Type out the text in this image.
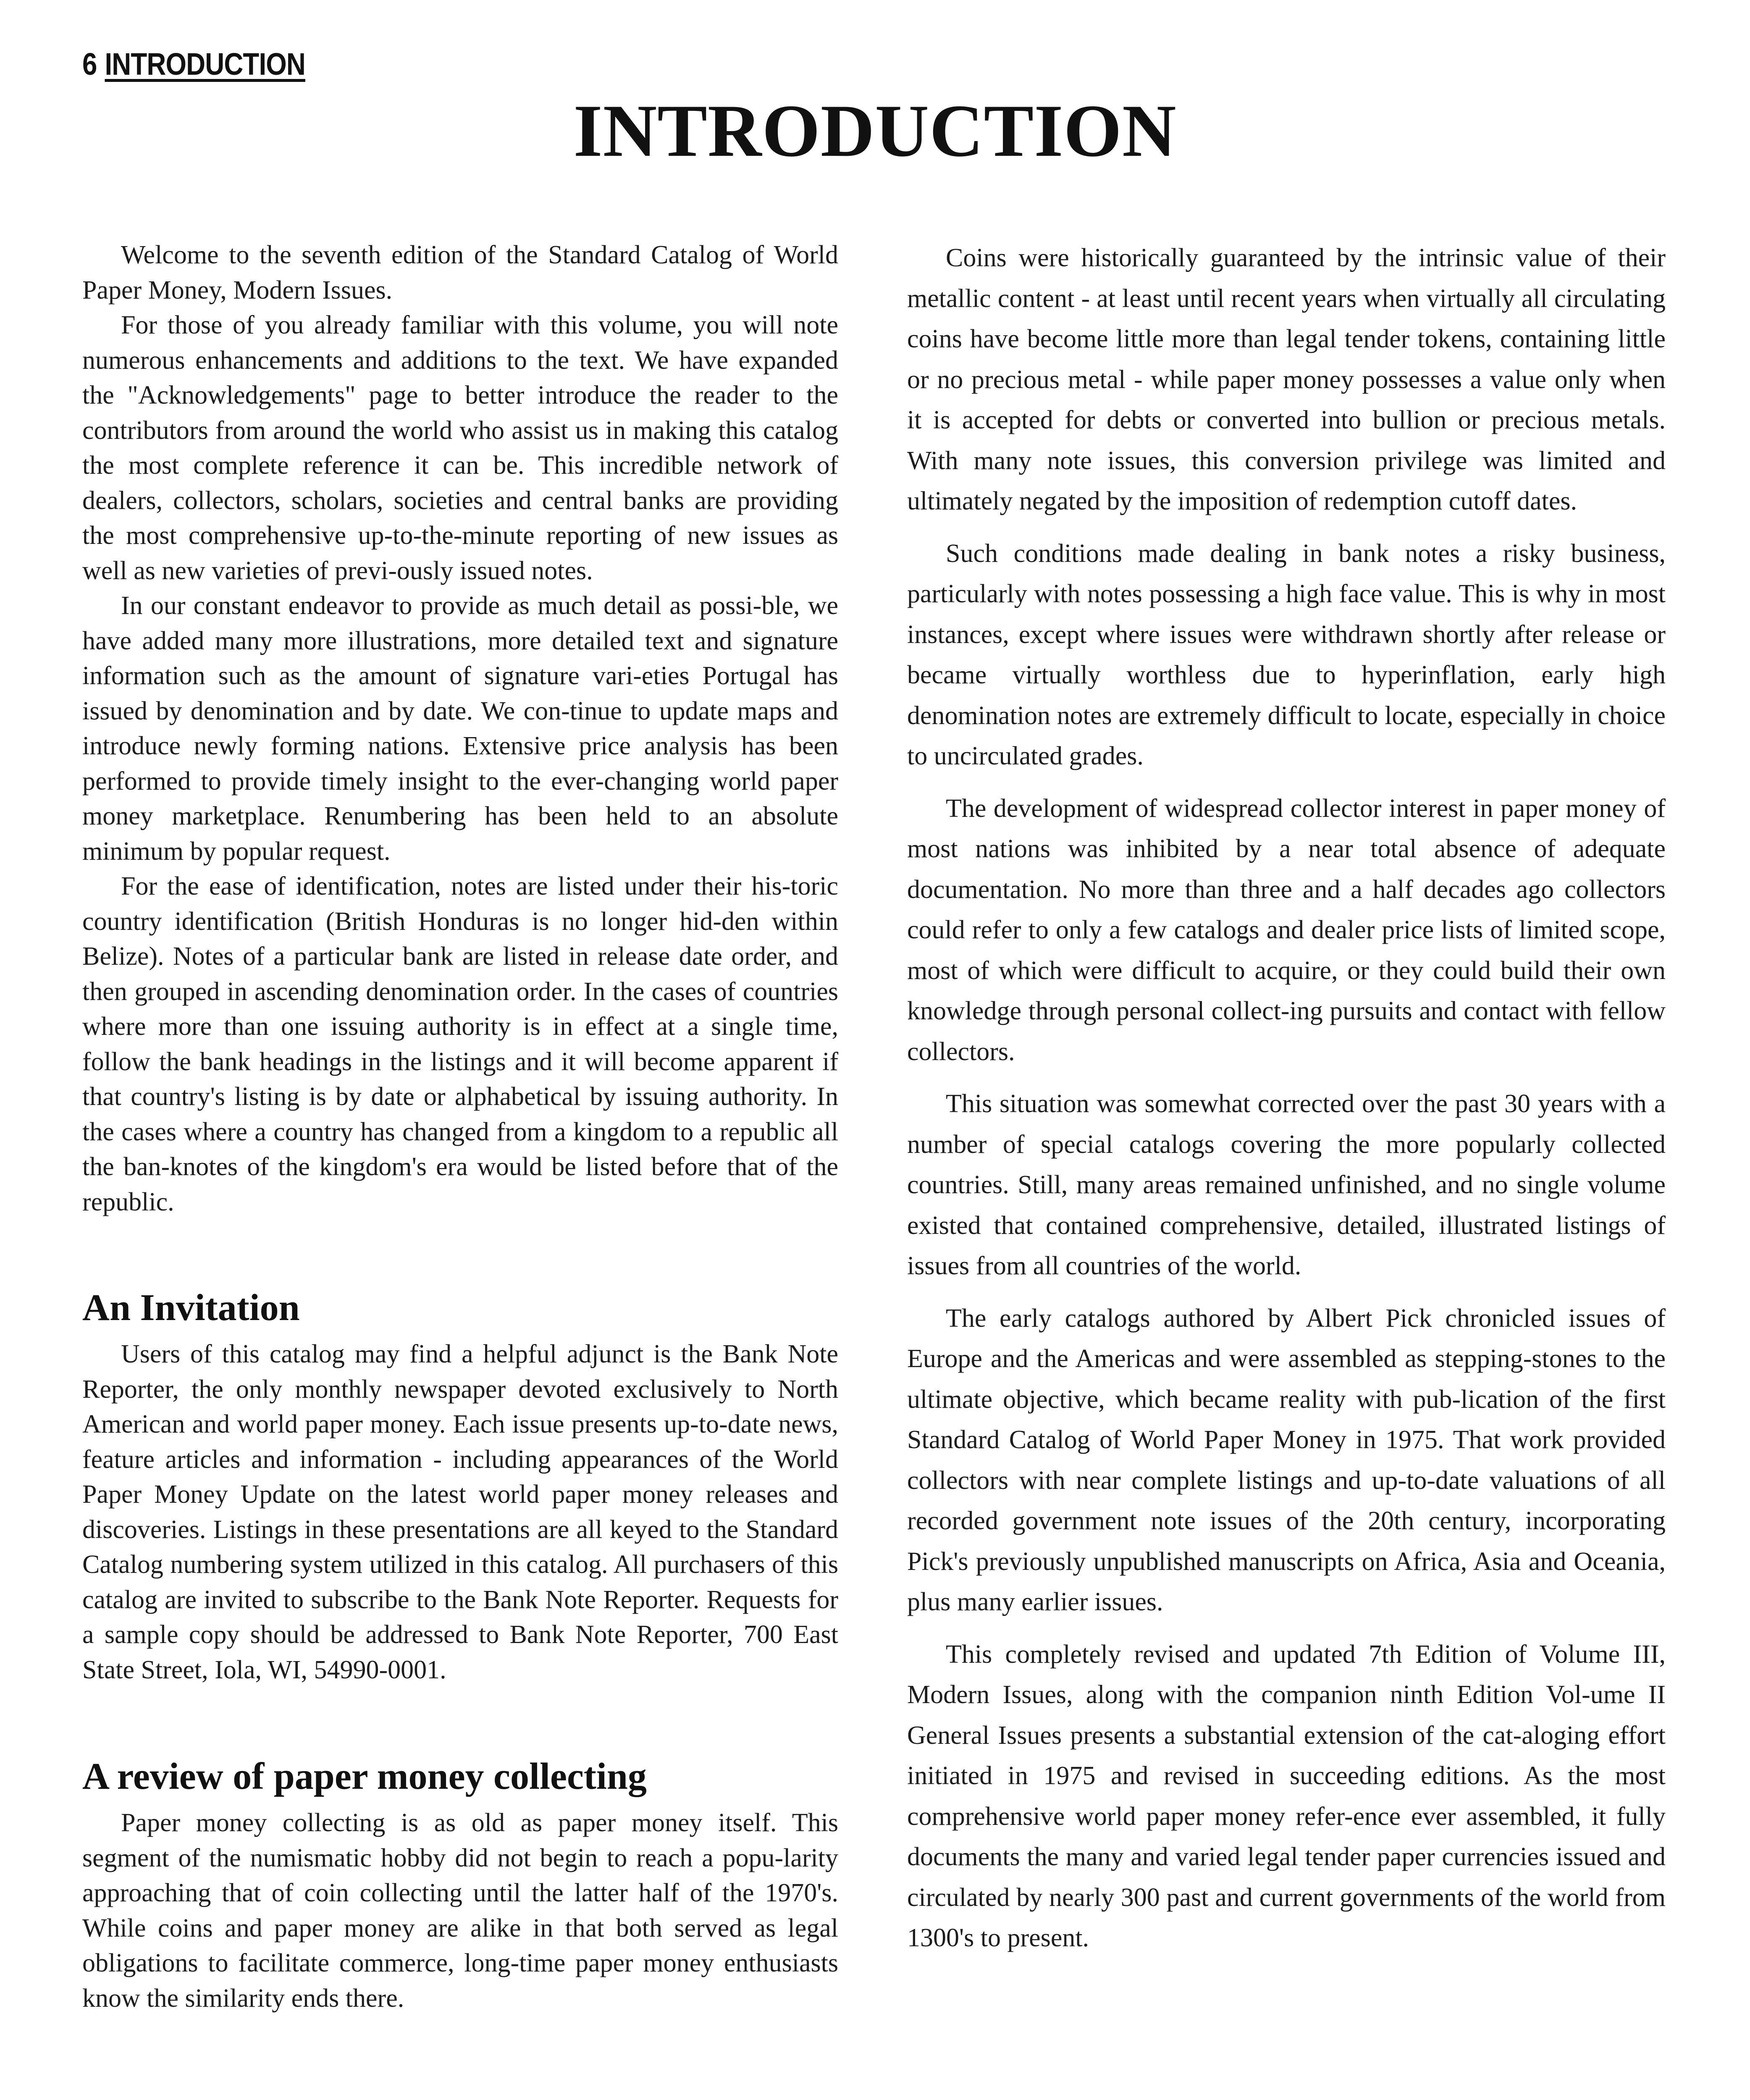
6 INTRODUCTION
INTRODUCTION

Welcome to the seventh edition of the Standard Catalog of World Paper Money, Modern Issues.

For those of you already familiar with this volume, you will note numerous enhancements and additions to the text. We have expanded the "Acknowledgements" page to better introduce the reader to the contributors from around the world who assist us in making this catalog the most complete reference it can be. This incredible network of dealers, collectors, scholars, societies and central banks are providing the most comprehensive up-to-the-minute reporting of new issues as well as new varieties of previ-ously issued notes.

In our constant endeavor to provide as much detail as possi-ble, we have added many more illustrations, more detailed text and signature information such as the amount of signature vari-eties Portugal has issued by denomination and by date. We con-tinue to update maps and introduce newly forming nations. Extensive price analysis has been performed to provide timely insight to the ever-changing world paper money marketplace. Renumbering has been held to an absolute minimum by popular request.

For the ease of identification, notes are listed under their his-toric country identification (British Honduras is no longer hid-den within Belize). Notes of a particular bank are listed in release date order, and then grouped in ascending denomination order. In the cases of countries where more than one issuing authority is in effect at a single time, follow the bank headings in the listings and it will become apparent if that country's listing is by date or alphabetical by issuing authority. In the cases where a country has changed from a kingdom to a republic all the ban-knotes of the kingdom's era would be listed before that of the republic.

An Invitation

Users of this catalog may find a helpful adjunct is the Bank Note Reporter, the only monthly newspaper devoted exclusively to North American and world paper money. Each issue presents up-to-date news, feature articles and information - including appearances of the World Paper Money Update on the latest world paper money releases and discoveries. Listings in these presentations are all keyed to the Standard Catalog numbering system utilized in this catalog. All purchasers of this catalog are invited to subscribe to the Bank Note Reporter. Requests for a sample copy should be addressed to Bank Note Reporter, 700 East State Street, Iola, WI, 54990-0001.

A review of paper money collecting

Paper money collecting is as old as paper money itself. This segment of the numismatic hobby did not begin to reach a popu-larity approaching that of coin collecting until the latter half of the 1970's. While coins and paper money are alike in that both served as legal obligations to facilitate commerce, long-time paper money enthusiasts know the similarity ends there.

Coins were historically guaranteed by the intrinsic value of their metallic content - at least until recent years when virtually all circulating coins have become little more than legal tender tokens, containing little or no precious metal - while paper money possesses a value only when it is accepted for debts or converted into bullion or precious metals. With many note issues, this conversion privilege was limited and ultimately negated by the imposition of redemption cutoff dates.

Such conditions made dealing in bank notes a risky business, particularly with notes possessing a high face value. This is why in most instances, except where issues were withdrawn shortly after release or became virtually worthless due to hyperinflation, early high denomination notes are extremely difficult to locate, especially in choice to uncirculated grades.

The development of widespread collector interest in paper money of most nations was inhibited by a near total absence of adequate documentation. No more than three and a half decades ago collectors could refer to only a few catalogs and dealer price lists of limited scope, most of which were difficult to acquire, or they could build their own knowledge through personal collect-ing pursuits and contact with fellow collectors.

This situation was somewhat corrected over the past 30 years with a number of special catalogs covering the more popularly collected countries. Still, many areas remained unfinished, and no single volume existed that contained comprehensive, detailed, illustrated listings of issues from all countries of the world.

The early catalogs authored by Albert Pick chronicled issues of Europe and the Americas and were assembled as stepping-stones to the ultimate objective, which became reality with pub-lication of the first Standard Catalog of World Paper Money in 1975. That work provided collectors with near complete listings and up-to-date valuations of all recorded government note issues of the 20th century, incorporating Pick's previously unpublished manuscripts on Africa, Asia and Oceania, plus many earlier issues.

This completely revised and updated 7th Edition of Volume III, Modern Issues, along with the companion ninth Edition Vol-ume II General Issues presents a substantial extension of the cat-aloging effort initiated in 1975 and revised in succeeding editions. As the most comprehensive world paper money refer-ence ever assembled, it fully documents the many and varied legal tender paper currencies issued and circulated by nearly 300 past and current governments of the world from 1300's to present.
